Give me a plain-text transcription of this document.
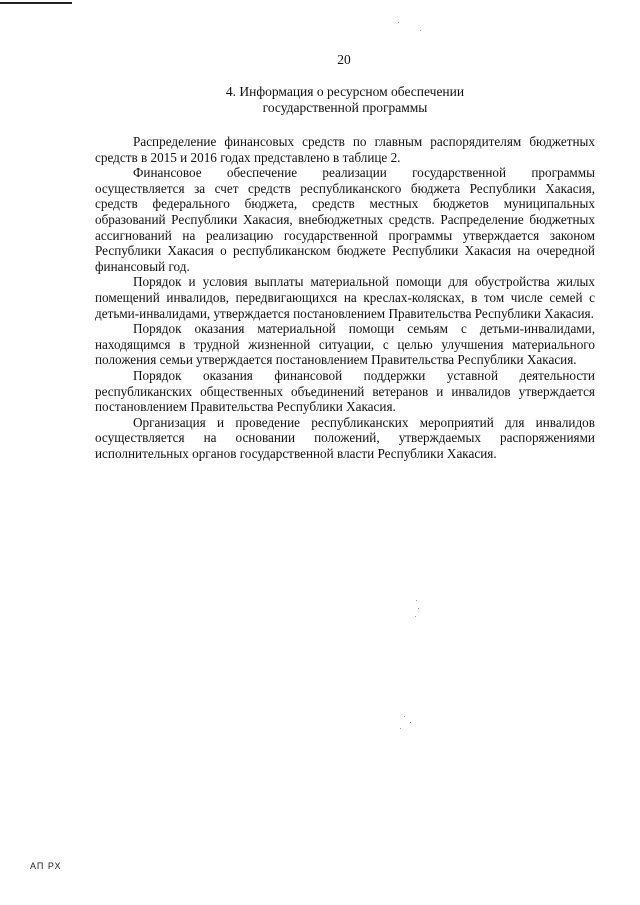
20
4. Информация о ресурсном обеспечении
государственной программы

Распределение финансовых средств по главным распорядителям бюджетных средств в 2015 и 2016 годах представлено в таблице 2.

Финансовое обеспечение реализации государственной программы осуществляется за счет средств республиканского бюджета Республики Хакасия, средств федерального бюджета, средств местных бюджетов муниципальных образований Республики Хакасия, внебюджетных средств. Распределение бюджетных ассигнований на реализацию государственной программы утверждается законом Республики Хакасия о республиканском бюджете Республики Хакасия на очередной финансовый год.

Порядок и условия выплаты материальной помощи для обустройства жилых помещений инвалидов, передвигающихся на креслах-колясках, в том числе семей с детьми-инвалидами, утверждается постановлением Правительства Республики Хакасия.

Порядок оказания материальной помощи семьям с детьми-инвалидами, находящимся в трудной жизненной ситуации, с целью улучшения материального положения семьи утверждается постановлением Правительства Республики Хакасия.

Порядок оказания финансовой поддержки уставной деятельности республиканских общественных объединений ветеранов и инвалидов утверждается постановлением Правительства Республики Хакасия.

Организация и проведение республиканских мероприятий для инвалидов осуществляется на основании положений, утверждаемых распоряжениями исполнительных органов государственной власти Республики Хакасия.

АП РХ
